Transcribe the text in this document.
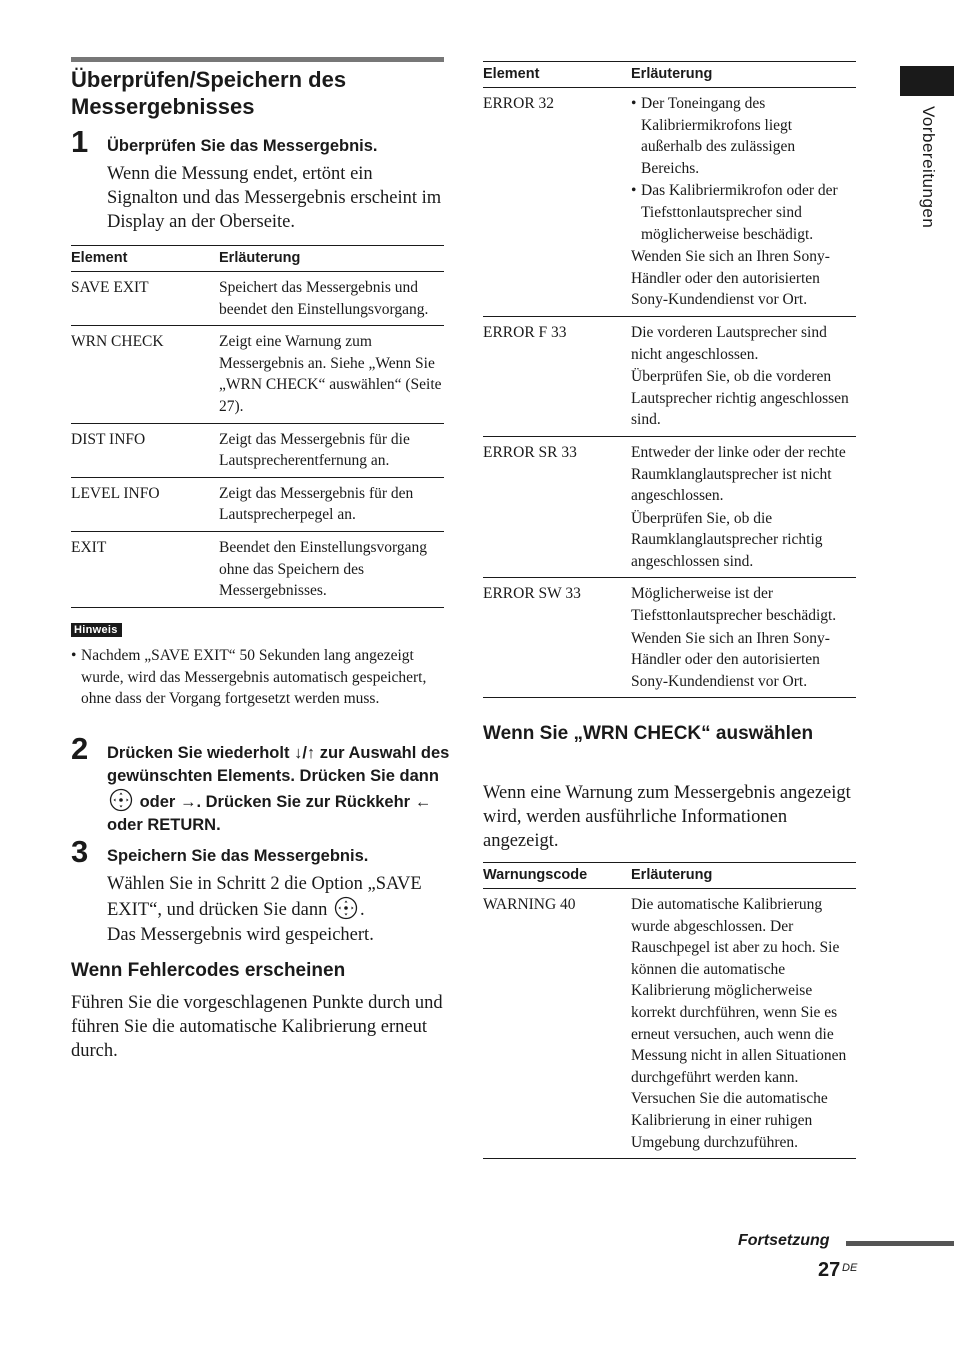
Vorbereitungen
Überprüfen/Speichern des Messergebnisses
1 Überprüfen Sie das Messergebnis.
Wenn die Messung endet, ertönt ein Signalton und das Messergebnis erscheint im Display an der Oberseite.
Element	Erläuterung
SAVE EXIT	Speichert das Messergebnis und beendet den Einstellungsvorgang.
WRN CHECK	Zeigt eine Warnung zum Messergebnis an. Siehe „Wenn Sie „WRN CHECK“ auswählen“ (Seite 27).
DIST INFO	Zeigt das Messergebnis für die Lautsprecherentfernung an.
LEVEL INFO	Zeigt das Messergebnis für den Lautsprecherpegel an.
EXIT	Beendet den Einstellungsvorgang ohne das Speichern des Messergebnisses.
Hinweis
• Nachdem „SAVE EXIT“ 50 Sekunden lang angezeigt wurde, wird das Messergebnis automatisch gespeichert, ohne dass der Vorgang fortgesetzt werden muss.
2 Drücken Sie wiederholt ↓/↑ zur Auswahl des gewünschten Elements. Drücken Sie dann  oder →. Drücken Sie zur Rückkehr ← oder RETURN.
3 Speichern Sie das Messergebnis.
Wählen Sie in Schritt 2 die Option „SAVE EXIT“, und drücken Sie dann .
Das Messergebnis wird gespeichert.
Wenn Fehlercodes erscheinen
Führen Sie die vorgeschlagenen Punkte durch und führen Sie die automatische Kalibrierung erneut durch.
Element	Erläuterung
ERROR 32	• Der Toneingang des Kalibriermikrofons liegt außerhalb des zulässigen Bereichs.

• Das Kalibriermikrofon oder der Tiefsttonlautsprecher sind möglicherweise beschädigt.

Wenden Sie sich an Ihren Sony-Händler oder den autorisierten Sony-Kundendienst vor Ort.

ERROR F 33	Die vorderen Lautsprecher sind nicht angeschlossen.

Überprüfen Sie, ob die vorderen Lautsprecher richtig angeschlossen sind.

ERROR SR 33	Entweder der linke oder der rechte Raumklanglautsprecher ist nicht angeschlossen.

Überprüfen Sie, ob die Raumklanglautsprecher richtig angeschlossen sind.

ERROR SW 33	Möglicherweise ist der Tiefsttonlautsprecher beschädigt.

Wenden Sie sich an Ihren Sony-Händler oder den autorisierten Sony-Kundendienst vor Ort.

Wenn Sie „WRN CHECK“ auswählen
Wenn eine Warnung zum Messergebnis angezeigt wird, werden ausführliche Informationen angezeigt.
Warnungscode	Erläuterung
WARNING 40	Die automatische Kalibrierung wurde abgeschlossen. Der Rauschpegel ist aber zu hoch. Sie können die automatische Kalibrierung möglicherweise korrekt durchführen, wenn Sie es erneut versuchen, auch wenn die Messung nicht in allen Situationen durchgeführt werden kann. Versuchen Sie die automatische Kalibrierung in einer ruhigen Umgebung durchzuführen.
Fortsetzung
27 DE
